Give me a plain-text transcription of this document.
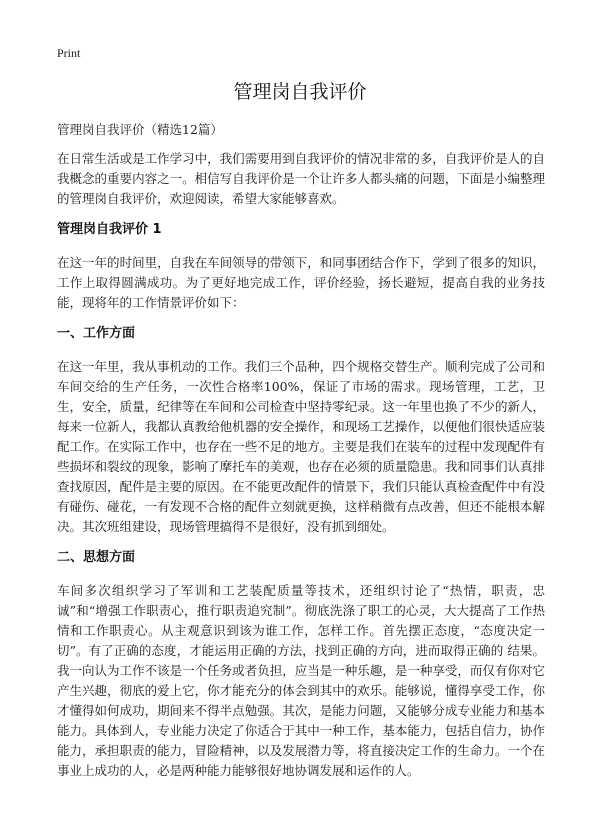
Print
管理岗自我评价
管理岗自我评价（精选12篇）

在日常生活或是工作学习中，我们需要用到自我评价的情况非常的多，自我评价是人的自我概念的重要内容之一。相信写自我评价是一个让许多人都头痛的问题，下面是小编整理的管理岗自我评价，欢迎阅读，希望大家能够喜欢。

管理岗自我评价 1

在这一年的时间里，自我在车间领导的带领下，和同事团结合作下，学到了很多的知识，工作上取得圆满成功。为了更好地完成工作，评价经验，扬长避短，提高自我的业务技能，现将年的工作情景评价如下：

一、工作方面

在这一年里，我从事机动的工作。我们三个品种，四个规格交替生产。顺利完成了公司和车间交给的生产任务，一次性合格率100%，保证了市场的需求。现场管理，工艺，卫生，安全，质量，纪律等在车间和公司检查中坚持零纪录。这一年里也换了不少的新人，每来一位新人，我都认真教给他机器的安全操作，和现场工艺操作，以便他们很快适应装配工作。在实际工作中，也存在一些不足的地方。主要是我们在装车的过程中发现配件有些损坏和裂纹的现象，影响了摩托车的美观，也存在必须的质量隐患。我和同事们认真排查找原因，配件是主要的原因。在不能更改配件的情景下，我们只能认真检查配件中有没有碰伤、碰花，一有发现不合格的配件立刻就更换，这样稍微有点改善，但还不能根本解决。其次班组建设，现场管理搞得不是很好，没有抓到细处。

二、思想方面

车间多次组织学习了军训和工艺装配质量等技术，还组织讨论了“热情，职责，忠诚”和“增强工作职责心，推行职责追究制”。彻底洗涤了职工的心灵，大大提高了工作热情和工作职责心。从主观意识到该为谁工作，怎样工作。首先摆正态度，“态度决定一切”。有了正确的态度，才能运用正确的方法，找到正确的方向，进而取得正确的 结果。我一向认为工作不该是一个任务或者负担，应当是一种乐趣，是一种享受，而仅有你对它产生兴趣，彻底的爱上它，你才能充分的体会到其中的欢乐。能够说，懂得享受工作，你才懂得如何成功，期间来不得半点勉强。其次，是能力问题，又能够分成专业能力和基本能力。具体到人，专业能力决定了你适合于其中一种工作，基本能力，包括自信力，协作能力，承担职责的能力，冒险精神，以及发展潜力等，将直接决定工作的生命力。一个在事业上成功的人，必是两种能力能够很好地协调发展和运作的人。
